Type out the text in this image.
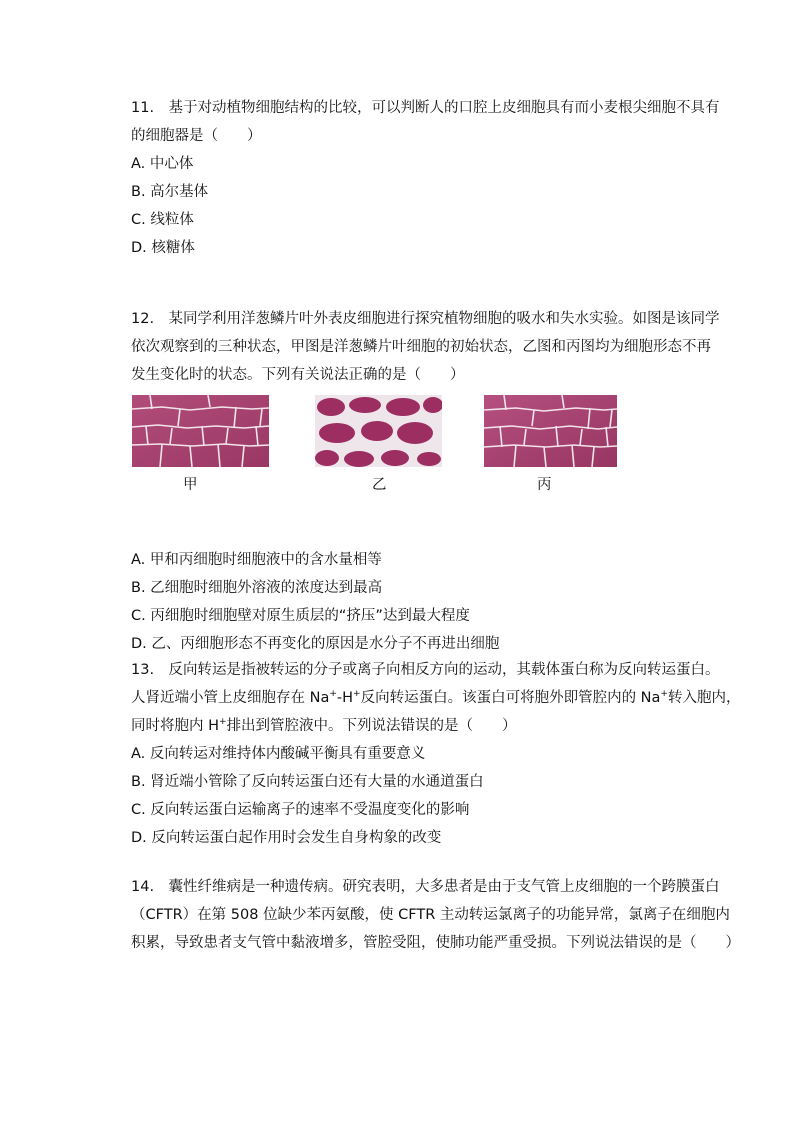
11.　基于对动植物细胞结构的比较，可以判断人的口腔上皮细胞具有而小麦根尖细胞不具有

的细胞器是（　　）

A. 中心体

B. 高尔基体

C. 线粒体

D. 核糖体

12.　某同学利用洋葱鳞片叶外表皮细胞进行探究植物细胞的吸水和失水实验。如图是该同学

依次观察到的三种状态，甲图是洋葱鳞片叶细胞的初始状态，乙图和丙图均为细胞形态不再

发生变化时的状态。下列有关说法正确的是（　　）

甲	乙	丙

A. 甲和丙细胞时细胞液中的含水量相等

B. 乙细胞时细胞外溶液的浓度达到最高

C. 丙细胞时细胞壁对原生质层的“挤压”达到最大程度

D. 乙、丙细胞形态不再变化的原因是水分子不再进出细胞

13.　反向转运是指被转运的分子或离子向相反方向的运动，其载体蛋白称为反向转运蛋白。

人肾近端小管上皮细胞存在 Na+-H+反向转运蛋白。该蛋白可将胞外即管腔内的 Na+转入胞内，

同时将胞内 H+排出到管腔液中。下列说法错误的是（　　）

A. 反向转运对维持体内酸碱平衡具有重要意义

B. 肾近端小管除了反向转运蛋白还有大量的水通道蛋白

C. 反向转运蛋白运输离子的速率不受温度变化的影响

D. 反向转运蛋白起作用时会发生自身构象的改变

14.　囊性纤维病是一种遗传病。研究表明，大多患者是由于支气管上皮细胞的一个跨膜蛋白

（CFTR）在第 508 位缺少苯丙氨酸，使 CFTR 主动转运氯离子的功能异常，氯离子在细胞内

积累，导致患者支气管中黏液增多，管腔受阻，使肺功能严重受损。下列说法错误的是（　　）
